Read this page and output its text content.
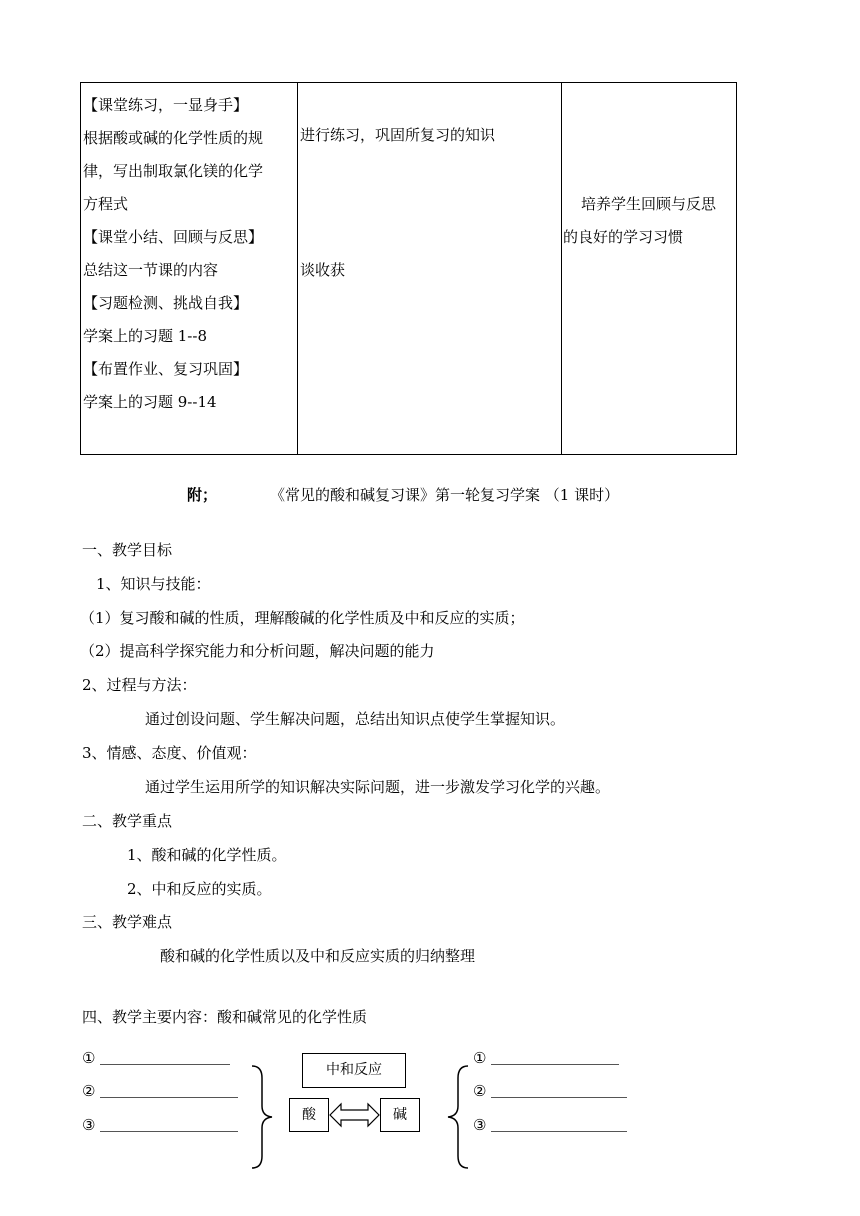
【课堂练习，一显身手】
根据酸或碱的化学性质的规
律，写出制取氯化镁的化学
方程式
【课堂小结、回顾与反思】
总结这一节课的内容
【习题检测、挑战自我】
学案上的习题 1--8
【布置作业、复习巩固】
学案上的习题 9--14
进行练习，巩固所复习的知识
谈收获
培养学生回顾与反思
的良好的学习习惯
附；	《常见的酸和碱复习课》第一轮复习学案 （1 课时）
一、教学目标
1、知识与技能：
（1）复习酸和碱的性质，理解酸碱的化学性质及中和反应的实质；
（2）提高科学探究能力和分析问题，解决问题的能力
2、过程与方法：
通过创设问题、学生解决问题，总结出知识点使学生掌握知识。
3、情感、态度、价值观：
通过学生运用所学的知识解决实际问题，进一步激发学习化学的兴趣。
二、教学重点
1、酸和碱的化学性质。
2、中和反应的实质。
三、教学难点
酸和碱的化学性质以及中和反应实质的归纳整理
四、教学主要内容：酸和碱常见的化学性质
①
②
③
中和反应
酸	碱
①
②
③
